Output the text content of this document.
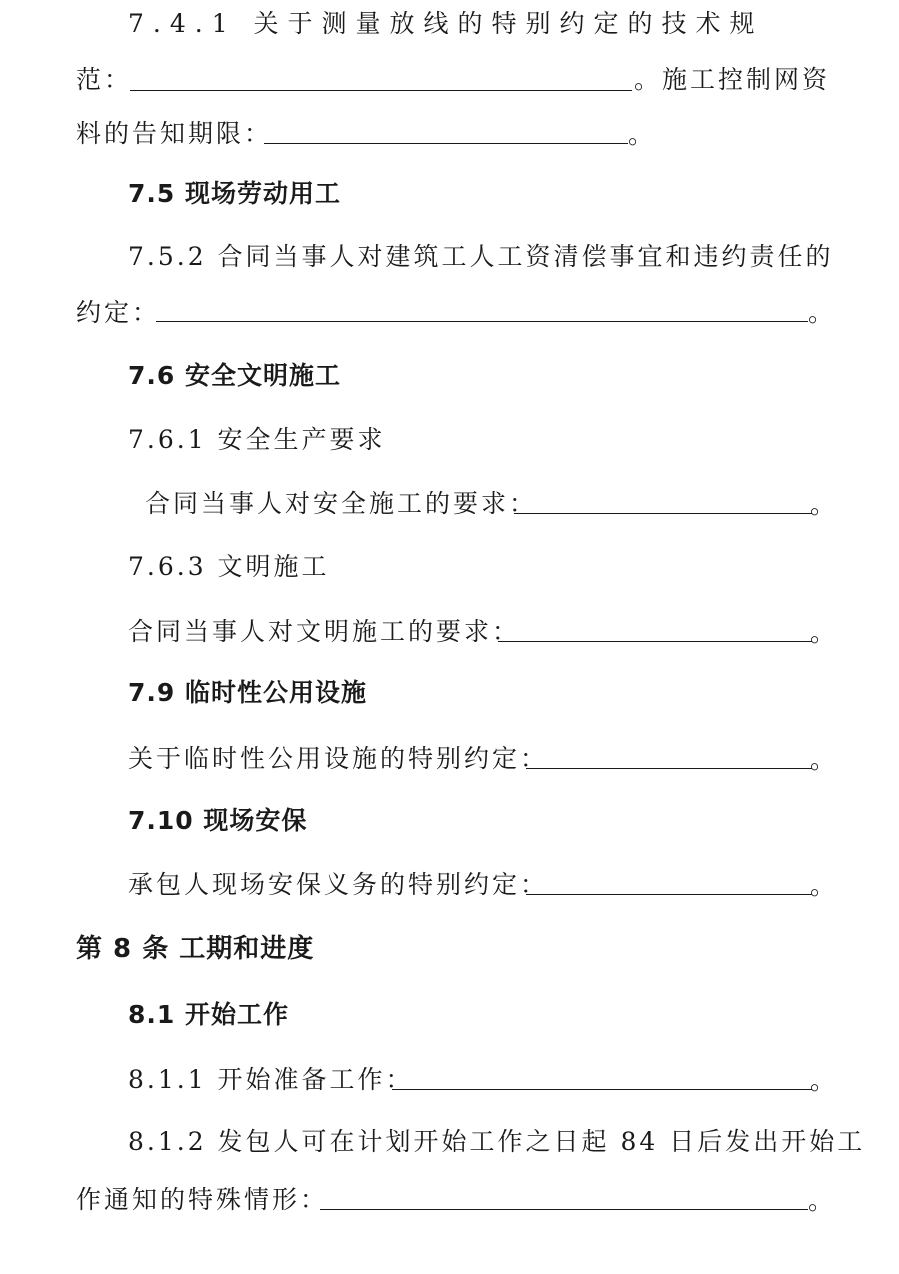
7.4.1 关于测量放线的特别约定的技术规
范：	。施工控制网资
料的告知期限：	。
7.5 现场劳动用工
7.5.2 合同当事人对建筑工人工资清偿事宜和违约责任的
约定：	。
7.6 安全文明施工
7.6.1 安全生产要求
合同当事人对安全施工的要求：	。
7.6.3 文明施工
合同当事人对文明施工的要求：	。
7.9 临时性公用设施
关于临时性公用设施的特别约定：	。
7.10 现场安保
承包人现场安保义务的特别约定：	。
第 8 条 工期和进度
8.1 开始工作
8.1.1 开始准备工作：	。
8.1.2 发包人可在计划开始工作之日起 84 日后发出开始工
作通知的特殊情形：	。
